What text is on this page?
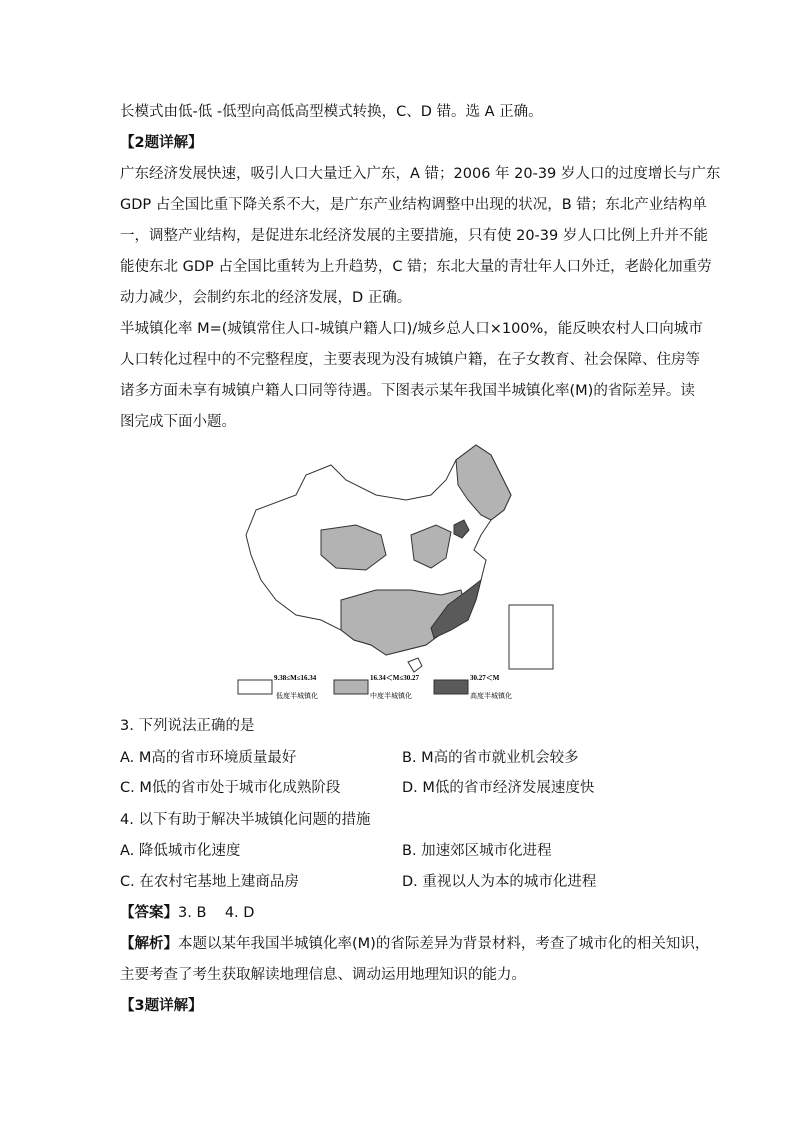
长模式由低-低 -低型向高低高型模式转换，C、D 错。选 A 正确。
【2题详解】
广东经济发展快速，吸引人口大量迁入广东，A 错；2006 年 20-39 岁人口的过度增长与广东
GDP 占全国比重下降关系不大，是广东产业结构调整中出现的状况，B 错；东北产业结构单
一，调整产业结构，是促进东北经济发展的主要措施，只有使 20-39 岁人口比例上升并不能
能使东北 GDP 占全国比重转为上升趋势，C 错；东北大量的青壮年人口外迁，老龄化加重劳
动力减少，会制约东北的经济发展，D 正确。
半城镇化率 M=(城镇常住人口-城镇户籍人口)/城乡总人口×100%，能反映农村人口向城市
人口转化过程中的不完整程度，主要表现为没有城镇户籍，在子女教育、社会保障、住房等
诸多方面未享有城镇户籍人口同等待遇。下图表示某年我国半城镇化率(M)的省际差异。读
图完成下面小题。
9.38≤M≤16.34
低度半城镇化
16.34＜M≤30.27
中度半城镇化
30.27＜M
高度半城镇化
3. 下列说法正确的是
A. M高的省市环境质量最好	B. M高的省市就业机会较多
C. M低的省市处于城市化成熟阶段	D. M低的省市经济发展速度快
4. 以下有助于解决半城镇化问题的措施
A. 降低城市化速度	B. 加速郊区城市化进程
C. 在农村宅基地上建商品房	D. 重视以人为本的城市化进程
【答案】3. B    4. D
【解析】本题以某年我国半城镇化率(M)的省际差异为背景材料，考查了城市化的相关知识，
主要考查了考生获取解读地理信息、调动运用地理知识的能力。
【3题详解】
